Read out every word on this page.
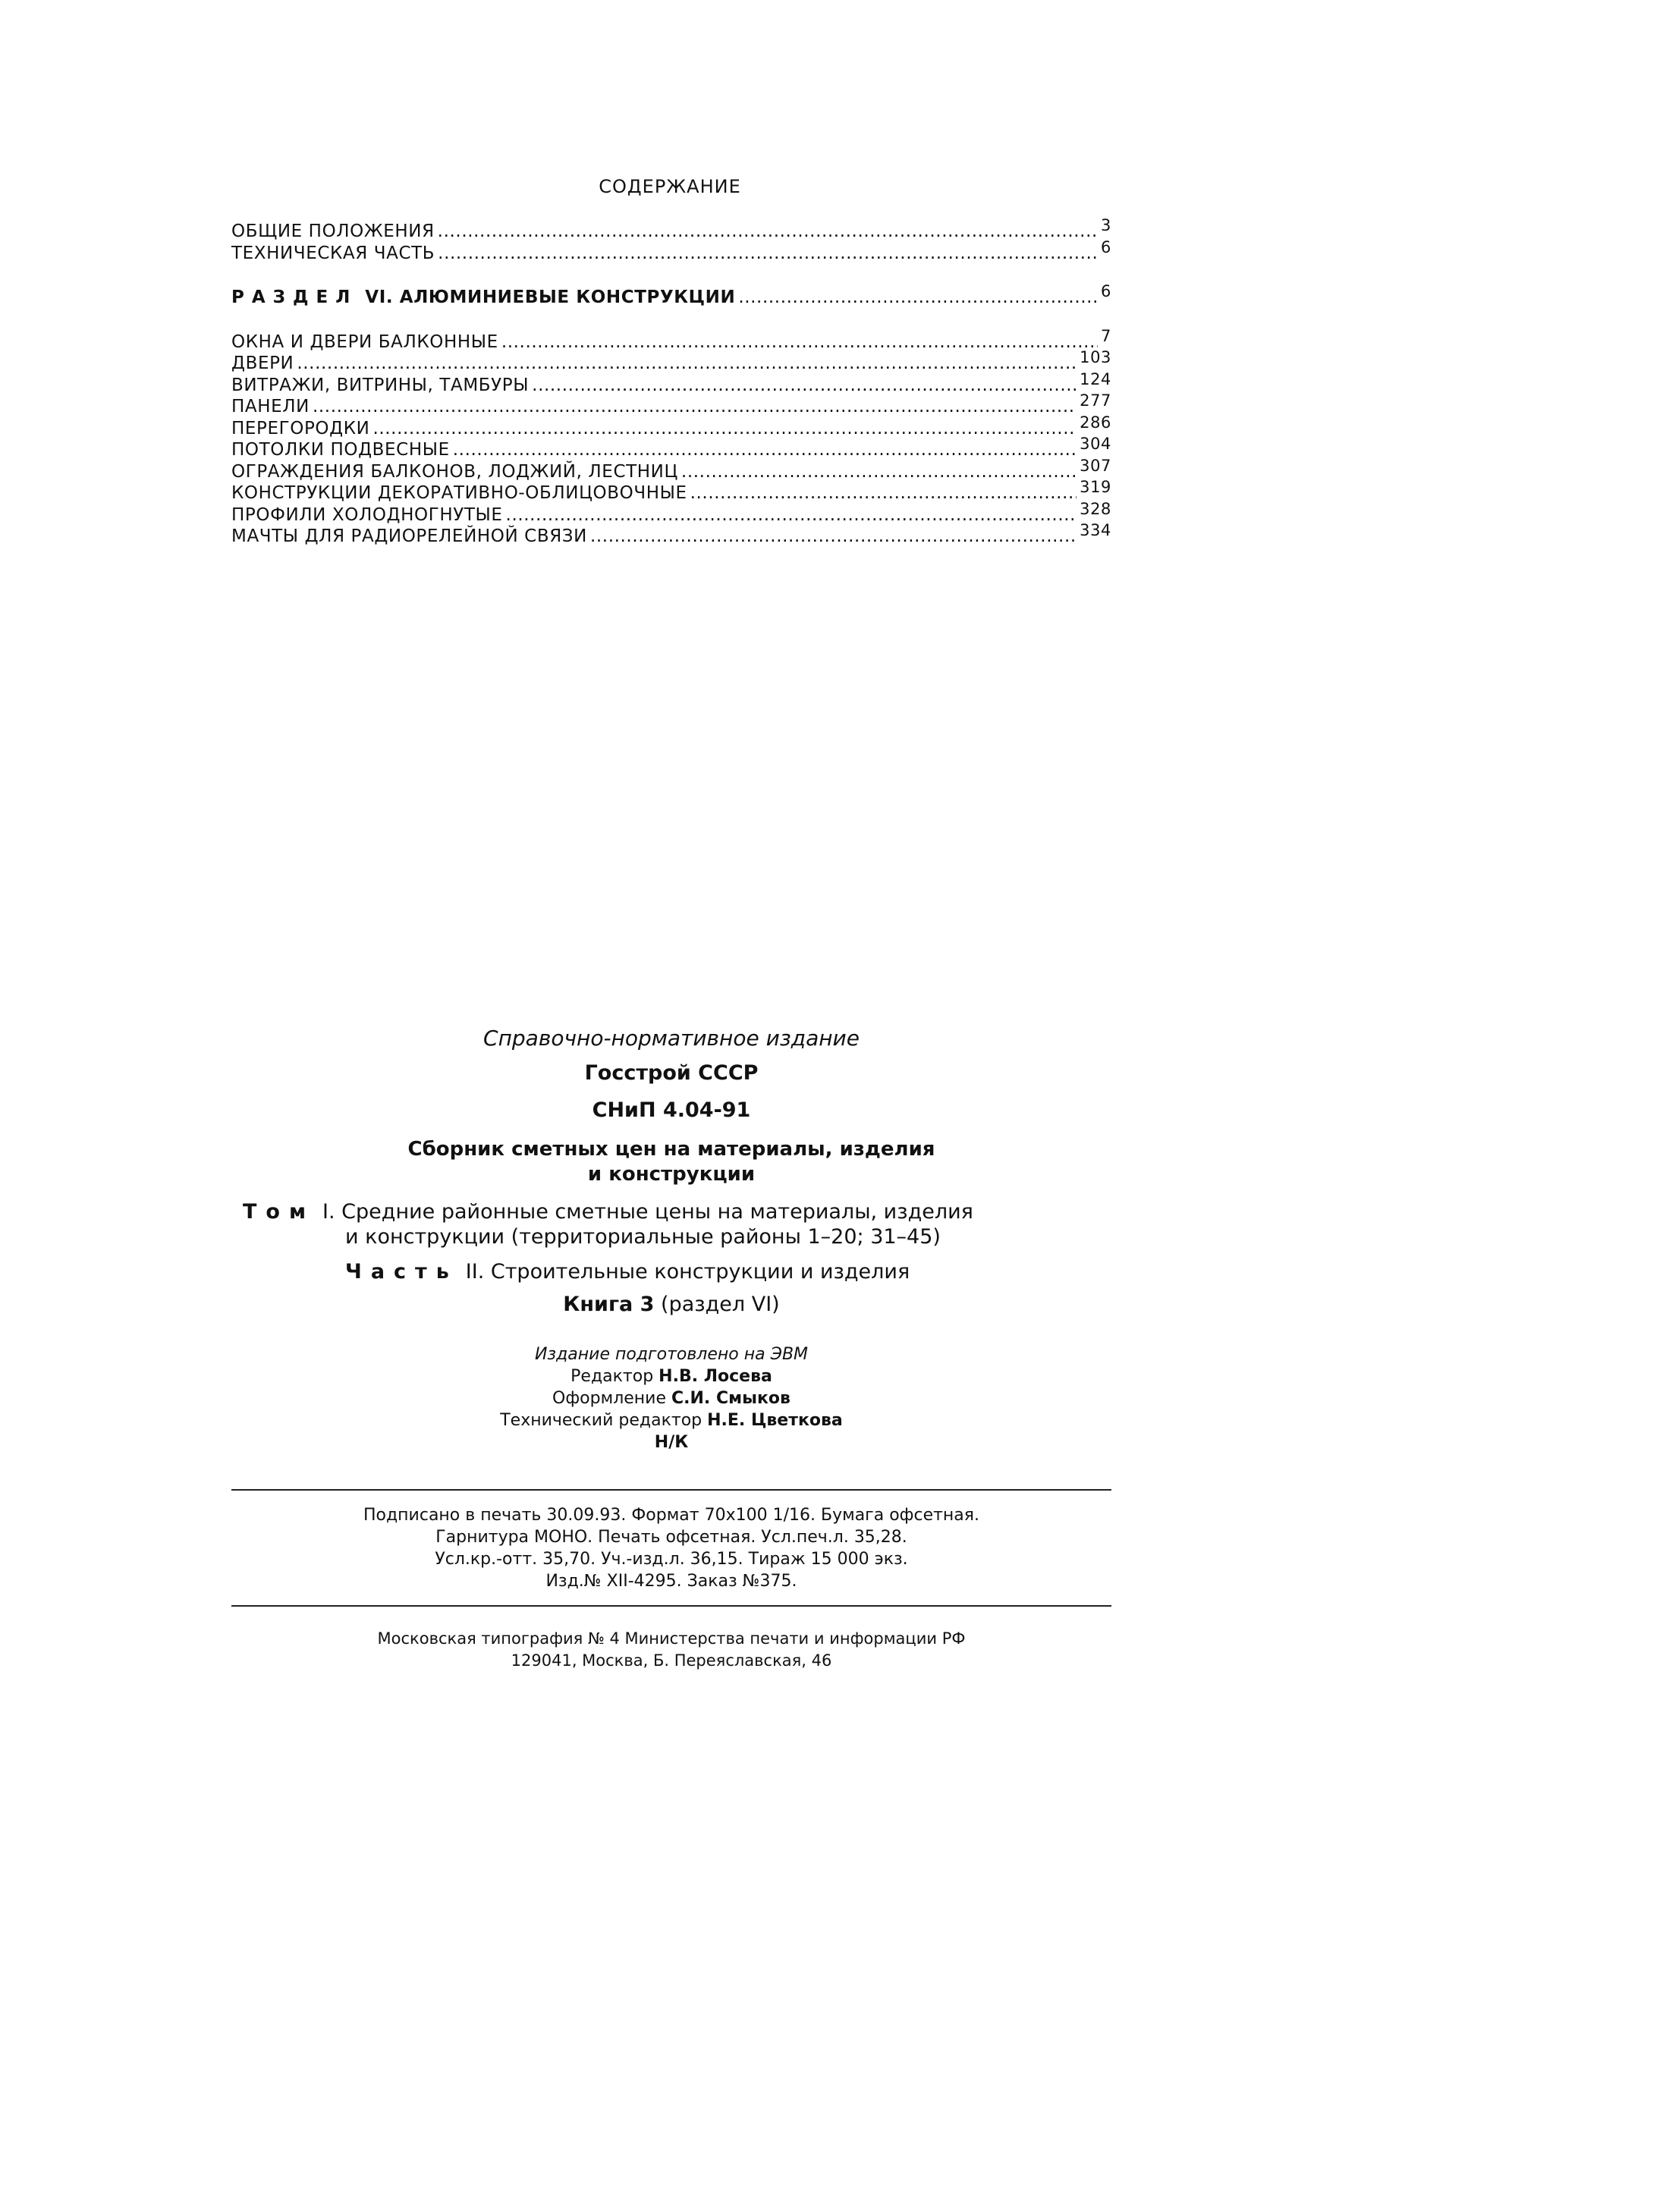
СОДЕРЖАНИЕ
ОБЩИЕ ПОЛОЖЕНИЯ .....	3
ТЕХНИЧЕСКАЯ ЧАСТЬ .....	6
РАЗДЕЛ VI. АЛЮМИНИЕВЫЕ КОНСТРУКЦИИ .....	6
ОКНА И ДВЕРИ БАЛКОННЫЕ .....	7
ДВЕРИ .....	103
ВИТРАЖИ, ВИТРИНЫ, ТАМБУРЫ .....	124
ПАНЕЛИ .....	277
ПЕРЕГОРОДКИ .....	286
ПОТОЛКИ ПОДВЕСНЫЕ .....	304
ОГРАЖДЕНИЯ БАЛКОНОВ, ЛОДЖИЙ, ЛЕСТНИЦ .....	307
КОНСТРУКЦИИ ДЕКОРАТИВНО-ОБЛИЦОВОЧНЫЕ .....	319
ПРОФИЛИ ХОЛОДНОГНУТЫЕ .....	328
МАЧТЫ ДЛЯ РАДИОРЕЛЕЙНОЙ СВЯЗИ .....	334
Справочно-нормативное издание
Госстрой СССР
СНиП 4.04-91
Сборник сметных цен на материалы, изделия
и конструкции
Том I. Средние районные сметные цены на материалы, изделия
и конструкции (территориальные районы 1–20; 31–45)
Часть II. Строительные конструкции и изделия
Книга 3 (раздел VI)
Издание подготовлено на ЭВМ
Редактор Н.В. Лосева
Оформление С.И. Смыков
Технический редактор Н.Е. Цветкова
Н/К
Подписано в печать 30.09.93. Формат 70x100 1/16. Бумага офсетная.
Гарнитура МОНО. Печать офсетная. Усл.печ.л. 35,28.
Усл.кр.-отт. 35,70. Уч.-изд.л. 36,15. Тираж 15 000 экз.
Изд.№ XII-4295. Заказ №375.
Московская типография № 4 Министерства печати и информации РФ
129041, Москва, Б. Переяславская, 46
